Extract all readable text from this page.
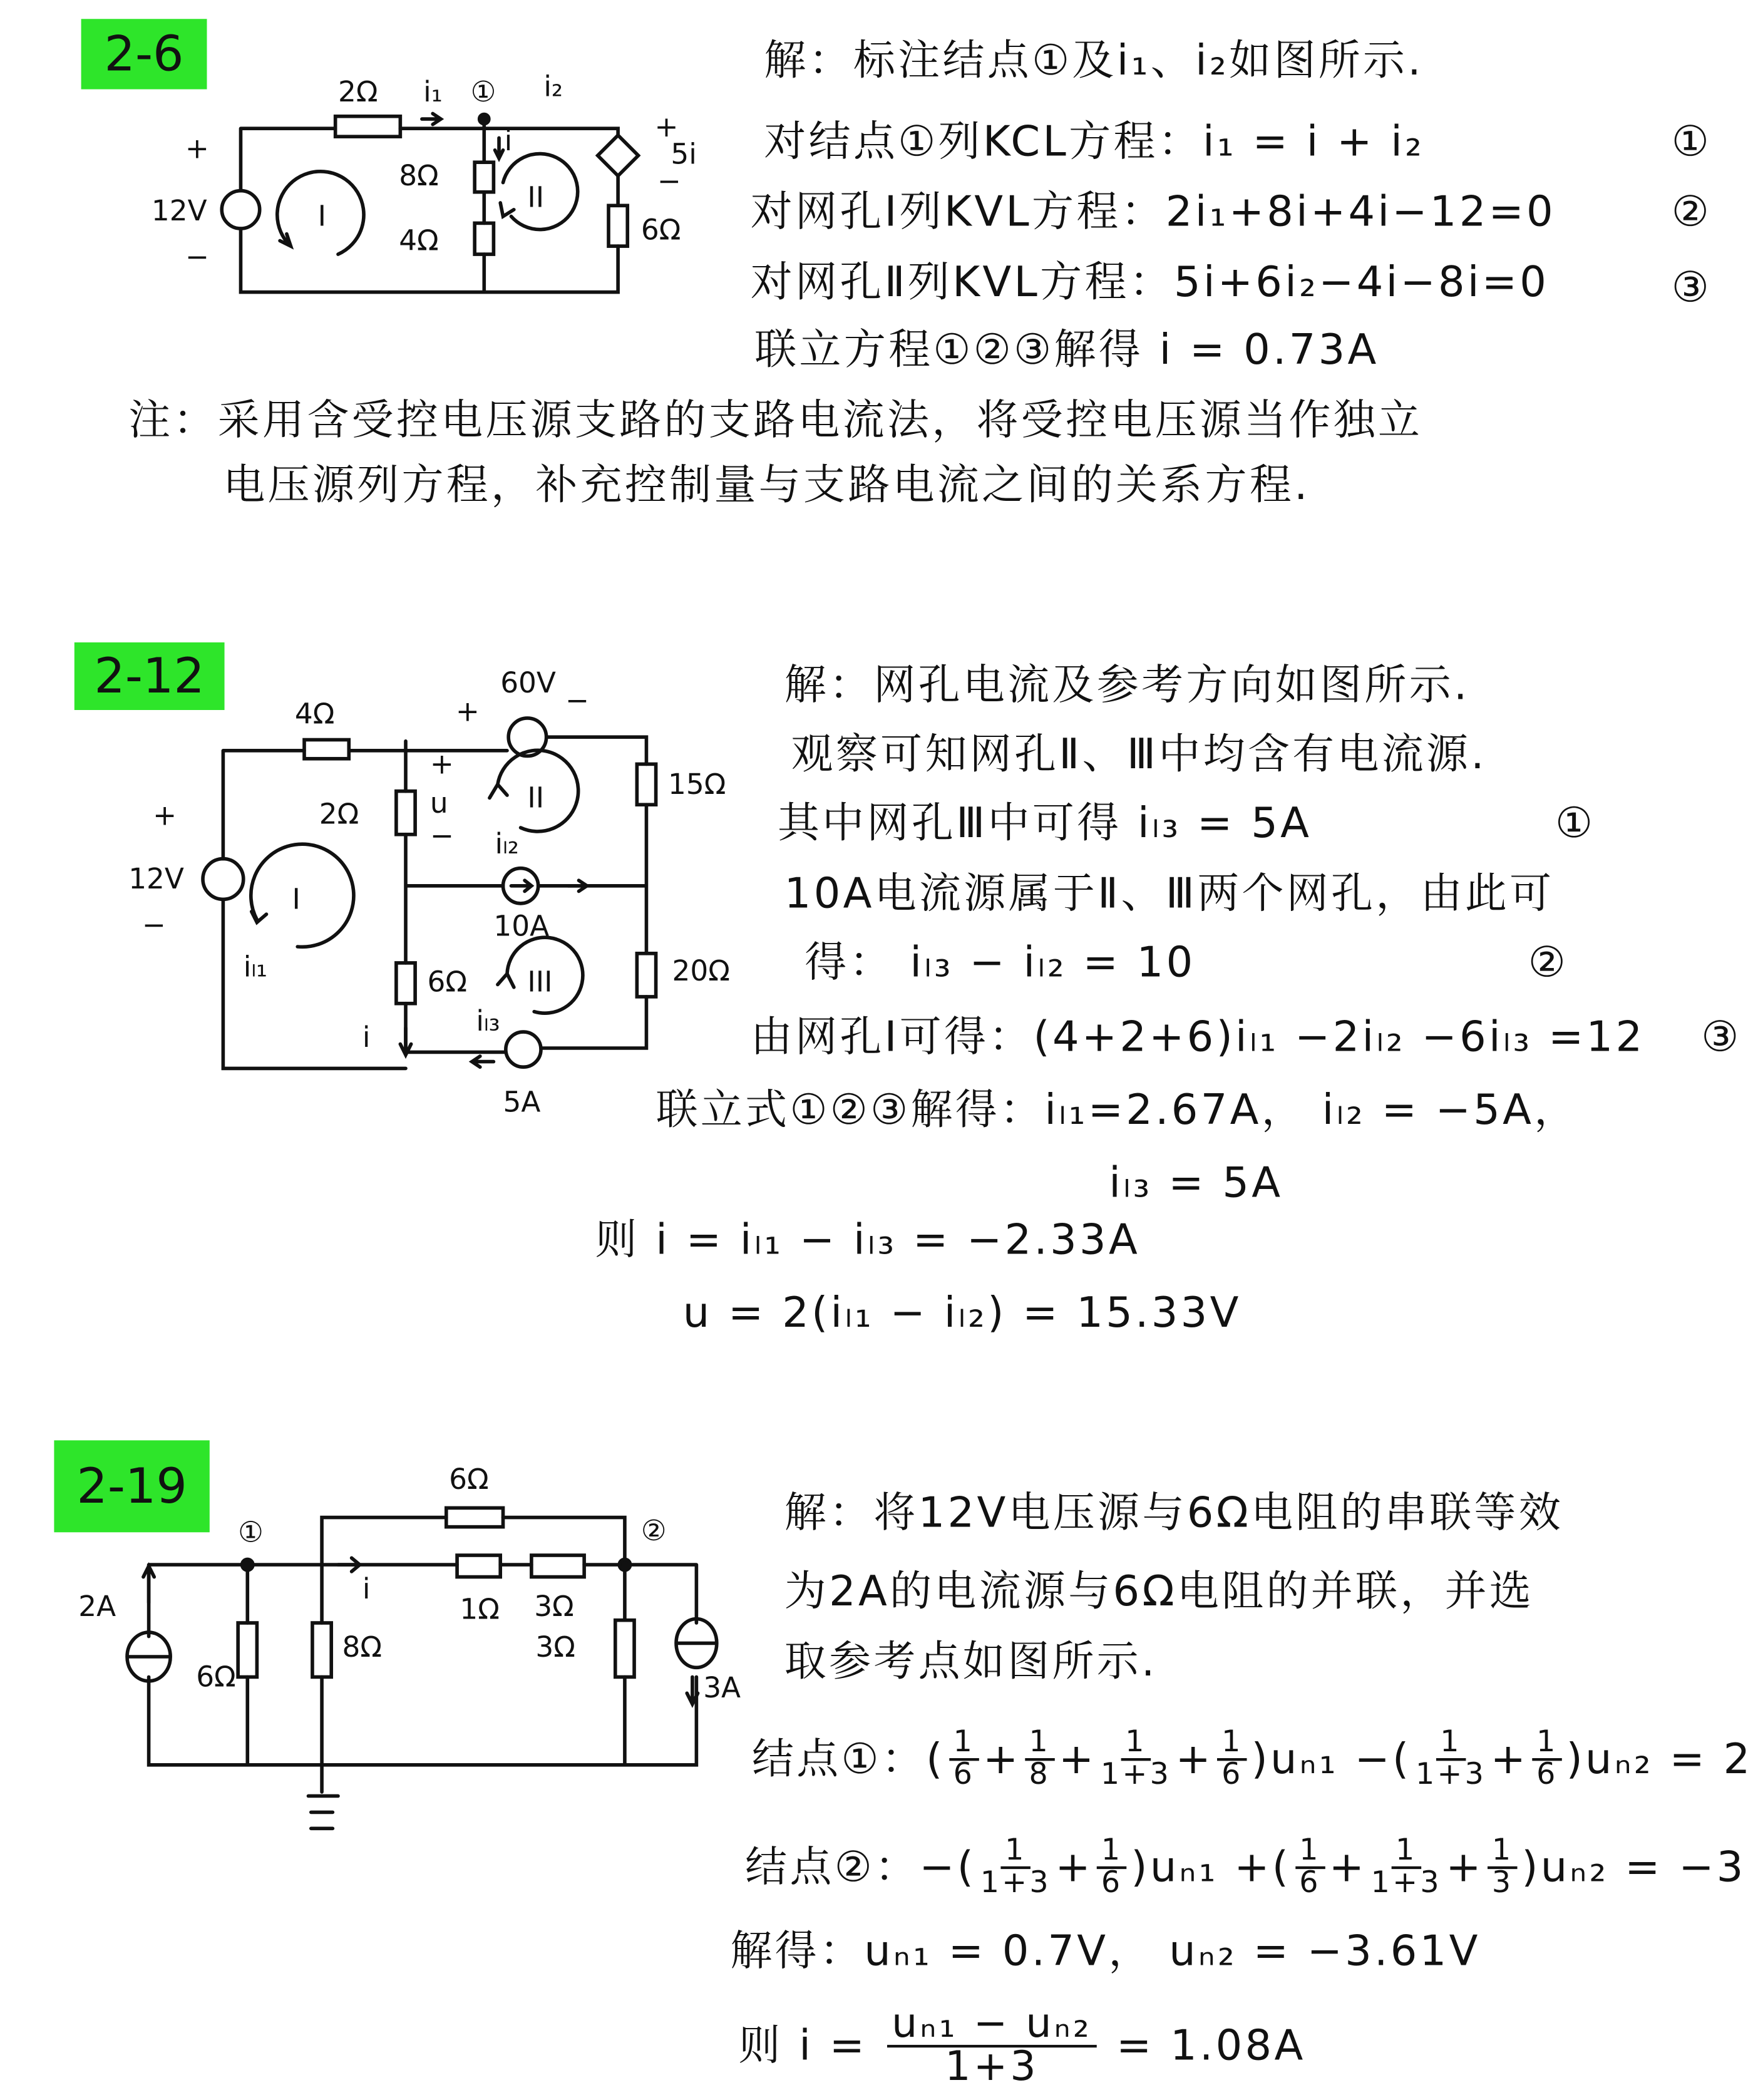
2-6
2Ω	i₁ ①	i₂
+
12V
−
I
8Ω
i
4Ω
II
+
5i
−
6Ω
解：标注结点①及i₁、i₂如图所示.
对结点①列KCL方程：i₁ = i + i₂
对网孔Ⅰ列KVL方程：2i₁+8i+4i−12=0
对网孔Ⅱ列KVL方程：5i+6i₂−4i−8i=0
联立方程①②③解得 i = 0.73A
①
②
③
注：采用含受控电压源支路的支路电流法，将受控电压源当作独立
电压源列方程，补充控制量与支路电流之间的关系方程.
2-12
4Ω	+
60V
−
15Ω
2Ω
+
u
−
II
iₗ₂
+
12V
−
I
iₗ₁
10A
20Ω
6Ω	III
iₗ₃
i
5A
解：网孔电流及参考方向如图所示.
观察可知网孔Ⅱ、Ⅲ中均含有电流源.
其中网孔Ⅲ中可得 iₗ₃ = 5A
10A电流源属于Ⅱ、Ⅲ两个网孔，由此可
得： iₗ₃ − iₗ₂ = 10
由网孔Ⅰ可得：(4+2+6)iₗ₁ −2iₗ₂ −6iₗ₃ =12
联立式①②③解得：iₗ₁=2.67A， iₗ₂ = −5A，
iₗ₃ = 5A
则 i = iₗ₁ − iₗ₃ = −2.33A
u = 2(iₗ₁ − iₗ₂) = 15.33V
①
②
③
2-19	6Ω
①	②
i
1Ω	3Ω
2A
6Ω
8Ω	3Ω
3A
解：将12V电压源与6Ω电阻的串联等效
为2A的电流源与6Ω电阻的并联，并选
取参考点如图所示.
结点①：( $\frac{1}{6} + \frac{1}{8} + \frac{1}{1+3} + \frac{1}{6} )u_{n1}$ −( $\frac{1}{1+3} + \frac{1}{6} )u_{n2} = 2$
结点②：−( $\frac{1}{1+3} + \frac{1}{6} )u_{n1}$ +( $\frac{1}{6} + \frac{1}{1+3} + \frac{1}{3} )u_{n2} = -3$
解得：uₙ₁ = 0.7V， uₙ₂ = −3.61V
则 $i = \frac{\text{uₙ₁ − uₙ₂}}{1+3} = 1.08A$
